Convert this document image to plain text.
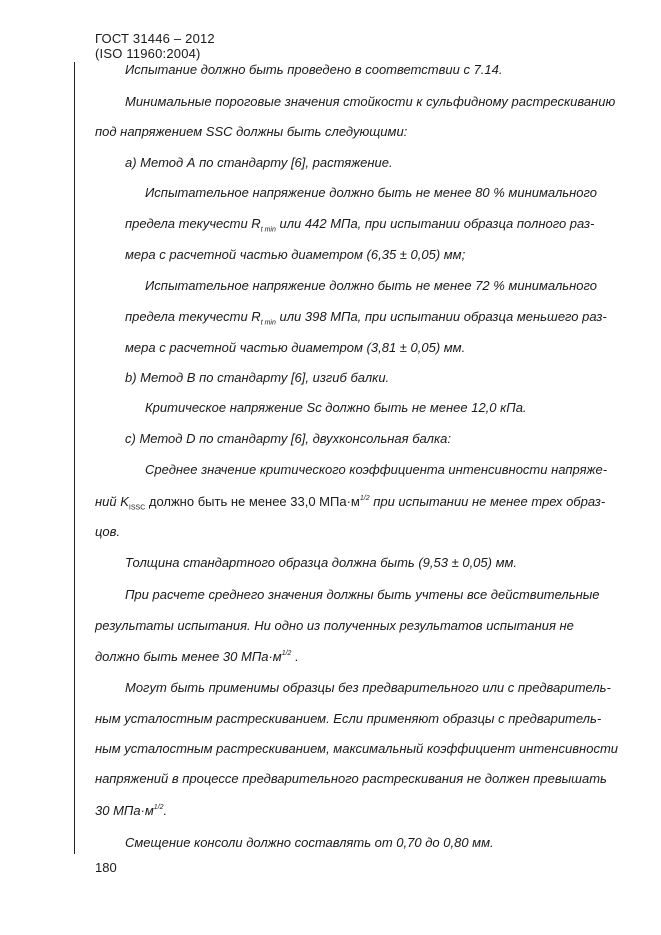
ГОСТ 31446 – 2012
(ISO 11960:2004)
Испытание должно быть проведено в соответствии с 7.14.
Минимальные пороговые значения стойкости к сульфидному растрескиванию
под напряжением SSC должны быть следующими:
а) Метод А по стандарту [6], растяжение.
Испытательное напряжение должно быть не менее 80 % минимального
предела текучести $R_{t min}$ или 442 МПа, при испытании образца полного раз-
мера с расчетной частью диаметром (6,35 ± 0,05) мм;
Испытательное напряжение должно быть не менее 72 % минимального
предела текучести $R_{t min}$ или 398 МПа, при испытании образца меньшего раз-
мера с расчетной частью диаметром (3,81 ± 0,05) мм.
b) Метод В по стандарту [6], изгиб балки.
Критическое напряжение Sc должно быть не менее 12,0 кПа.
c) Метод D по стандарту [6], двухконсольная балка:
Среднее значение критического коэффициента интенсивности напряже-
ний $K_{ISSC}$ должно быть не менее 33,0 $МПа\cdot м^{1/2}$ при испытании не менее трех образ-
цов.
Толщина стандартного образца должна быть (9,53 ± 0,05) мм.
При расчете среднего значения должны быть учтены все действительные
результаты испытания. Ни одно из полученных результатов испытания не
должно быть менее 30 $МПа\cdot м^{1/2}$ .
Могут быть применимы образцы без предварительного или с предваритель-
ным усталостным растрескиванием. Если применяют образцы с предваритель-
ным усталостным растрескиванием, максимальный коэффициент интенсивности
напряжений в процессе предварительного растрескивания не должен превышать
30 $МПа\cdot м^{1/2}$.
Смещение консоли должно составлять от 0,70 до 0,80 мм.
180
